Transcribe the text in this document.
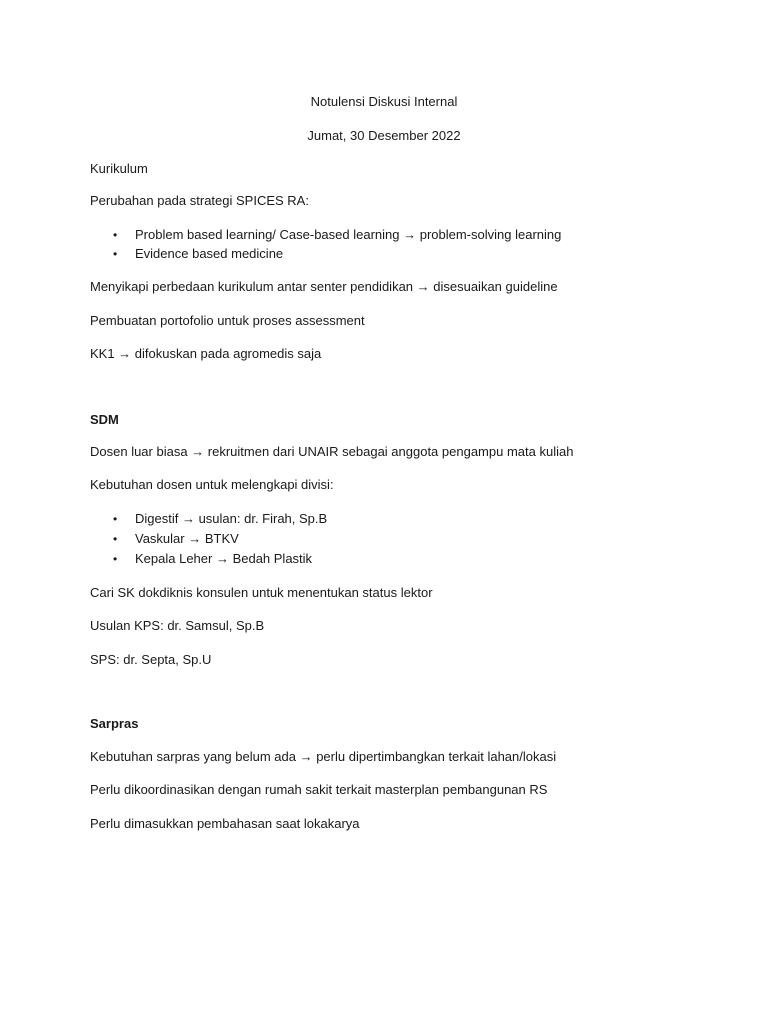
Notulensi Diskusi Internal
Jumat, 30 Desember 2022
Kurikulum
Perubahan pada strategi SPICES RA:
• Problem based learning/ Case-based learning → problem-solving learning
• Evidence based medicine
Menyikapi perbedaan kurikulum antar senter pendidikan → disesuaikan guideline
Pembuatan portofolio untuk proses assessment
KK1 → difokuskan pada agromedis saja
SDM
Dosen luar biasa → rekruitmen dari UNAIR sebagai anggota pengampu mata kuliah
Kebutuhan dosen untuk melengkapi divisi:
• Digestif → usulan: dr. Firah, Sp.B
• Vaskular → BTKV
• Kepala Leher → Bedah Plastik
Cari SK dokdiknis konsulen untuk menentukan status lektor
Usulan KPS: dr. Samsul, Sp.B
SPS: dr. Septa, Sp.U
Sarpras
Kebutuhan sarpras yang belum ada → perlu dipertimbangkan terkait lahan/lokasi
Perlu dikoordinasikan dengan rumah sakit terkait masterplan pembangunan RS
Perlu dimasukkan pembahasan saat lokakarya
